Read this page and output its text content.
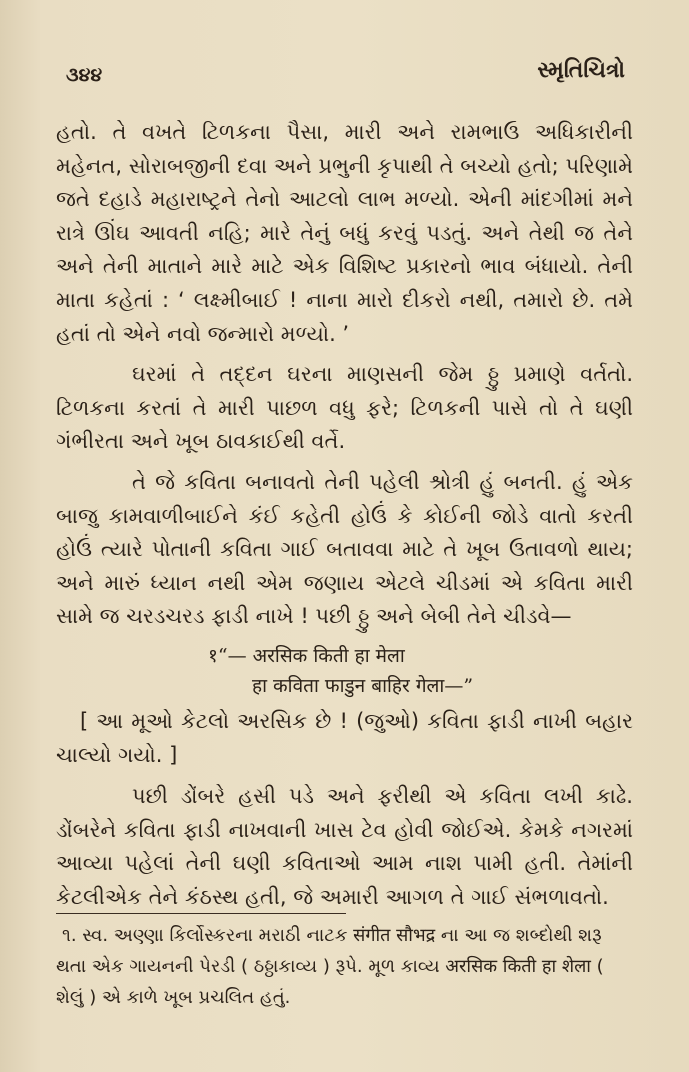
૩૪૪	સ્મૃતિચિત્રો

હતો. તે વખતે ટિળકના પૈસા, મારી અને રામભાઉ અધિકારીની મહેનત, સોરાબજીની દવા અને પ્રભુની કૃપાથી તે બચ્યો હતો; પરિણામે જતે દહાડે મહારાષ્ટ્રને તેનો આટલો લાભ મળ્યો. એની માંદગીમાં મને રાત્રે ઊંઘ આવતી નહિ; મારે તેનું બધું કરવું પડતું. અને તેથી જ તેને અને તેની માતાને મારે માટે એક વિશિષ્ટ પ્રકારનો ભાવ બંધાયો. તેની માતા કહેતાં : ‘ લક્ષ્મીબાઈ ! નાના મારો દીકરો નથી, તમારો છે. તમે હતાં તો એને નવો જન્મારો મળ્યો. ’

ઘરમાં તે તદ્દન ઘરના માણસની જેમ ઠ્ઠુ પ્રમાણે વર્તતો. ટિળકના કરતાં તે મારી પાછળ વધુ ફરે; ટિળકની પાસે તો તે ઘણી ગંભીરતા અને ખૂબ ઠાવકાઈથી વર્તે.

તે જે કવિતા બનાવતો તેની પહેલી શ્રોત્રી હું બનતી. હું એક બાજુ કામવાળીબાઈને કંઈ કહેતી હોઉં કે કોઈની જોડે વાતો કરતી હોઉં ત્યારે પોતાની કવિતા ગાઈ બતાવવા માટે તે ખૂબ ઉતાવળો થાય; અને મારું ધ્યાન નથી એમ જણાય એટલે ચીડમાં એ કવિતા મારી સામે જ ચરડચરડ ફાડી નાખે ! પછી ઠ્ઠુ અને બેબી તેને ચીડવે—

१“— अरसिक किती हा मेला

हा कविता फाडुन बाहिर गेला—”

[ આ મૂઓ કેટલો અરસિક છે ! (જુઓ) કવિતા ફાડી નાખી બહાર ચાલ્યો ગયો. ]

પછી ડોંબરે હસી પડે અને ફરીથી એ કવિતા લખી કાઢે. ડોંબરેને કવિતા ફાડી નાખવાની ખાસ ટેવ હોવી જોઈએ. કેમકે નગરમાં આવ્યા પહેલાં તેની ઘણી કવિતાઓ આમ નાશ પામી હતી. તેમાંની કેટલીએક તેને કંઠસ્થ હતી, જે અમારી આગળ તે ગાઈ સંભળાવતો.

૧. સ્વ. અણ્ણા કિર્લોસ્કરના મરાઠી નાટક संगीत सौभद्र ના આ જ શબ્દોથી શરૂ થતા એક ગાયનની પેરડી ( ઠઠ્ઠાકાવ્ય ) રૂપે. મૂળ કાવ્ય अरसिक किती हा शेला ( શેલું ) એ કાળે ખૂબ પ્રચલિત હતું.
